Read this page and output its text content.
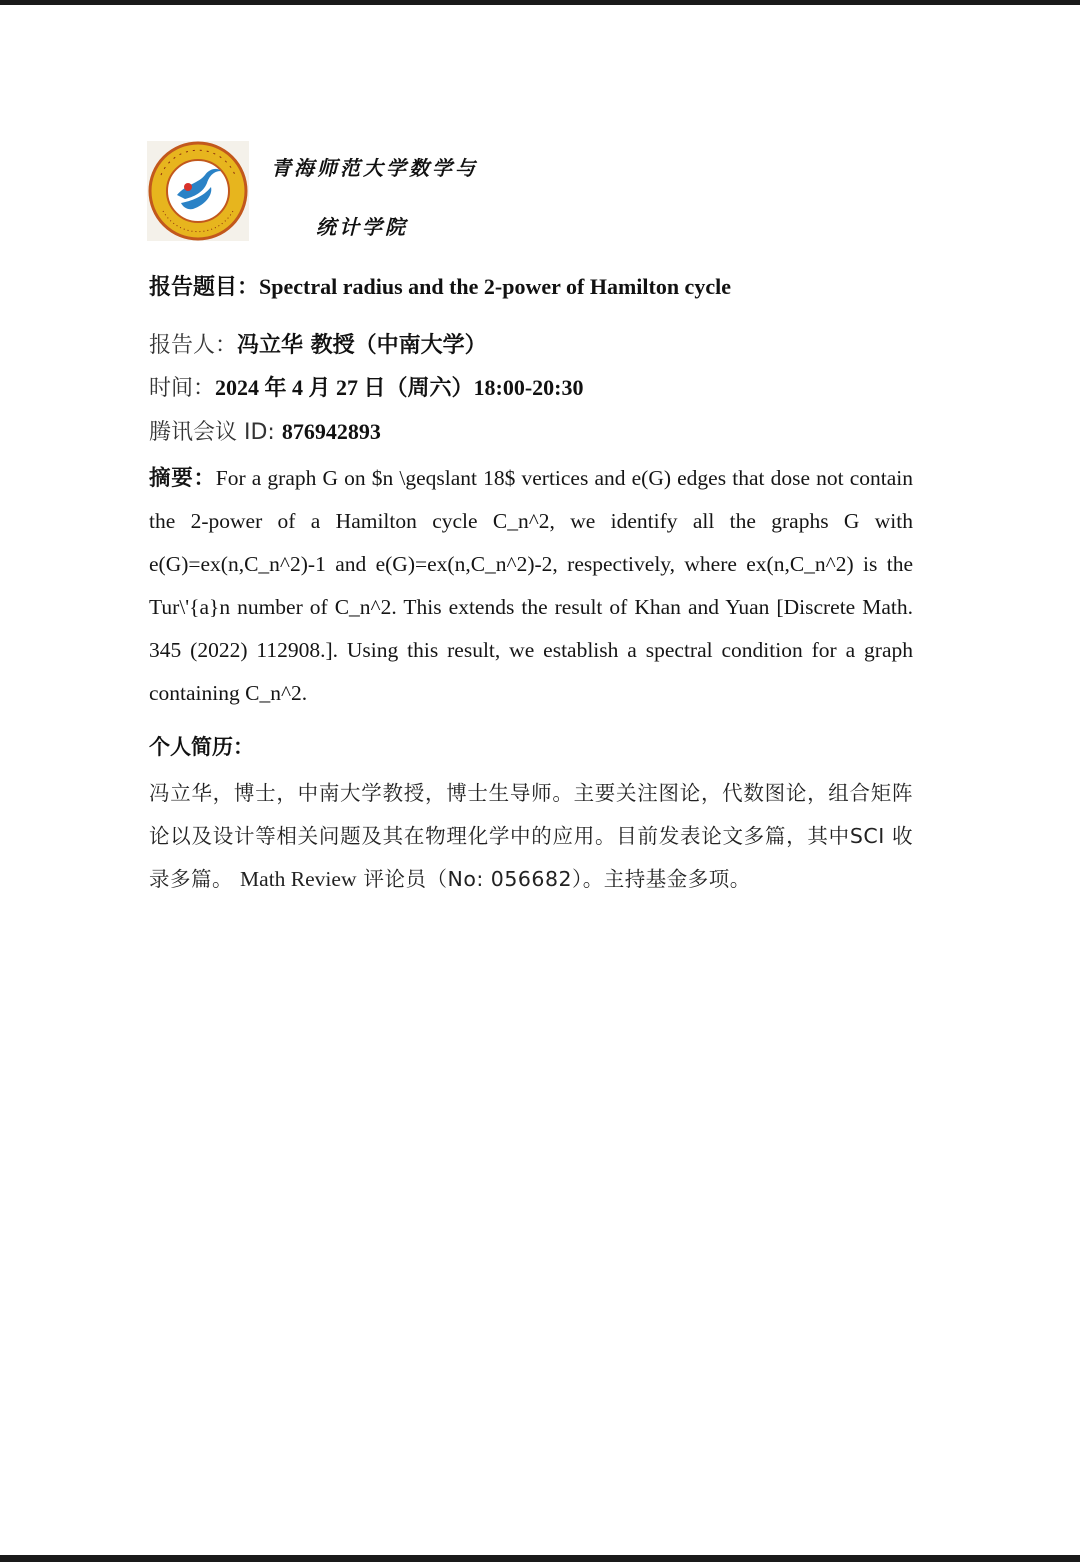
青海师范大学数学与
统计学院
报告题目：Spectral radius and the 2-power of Hamilton cycle
报告人：冯立华 教授（中南大学）
时间：2024 年 4 月 27 日（周六）18:00-20:30
腾讯会议 ID: 876942893
摘要：For a graph G on $n \geqslant 18$ vertices and e(G) edges that dose not contain the 2-power of a Hamilton cycle C_n^2, we identify all the graphs G with e(G)=ex(n,C_n^2)-1 and e(G)=ex(n,C_n^2)-2, respectively, where ex(n,C_n^2) is the Tur\'{a}n number of C_n^2. This extends the result of Khan and Yuan [Discrete Math. 345 (2022) 112908.]. Using this result, we establish a spectral condition for a graph containing C_n^2.
个人简历：
冯立华，博士，中南大学教授，博士生导师。主要关注图论，代数图论，组合矩阵论以及设计等相关问题及其在物理化学中的应用。目前发表论文多篇，其中SCI 收录多篇。 Math Review 评论员（No: 056682）。主持基金多项。
